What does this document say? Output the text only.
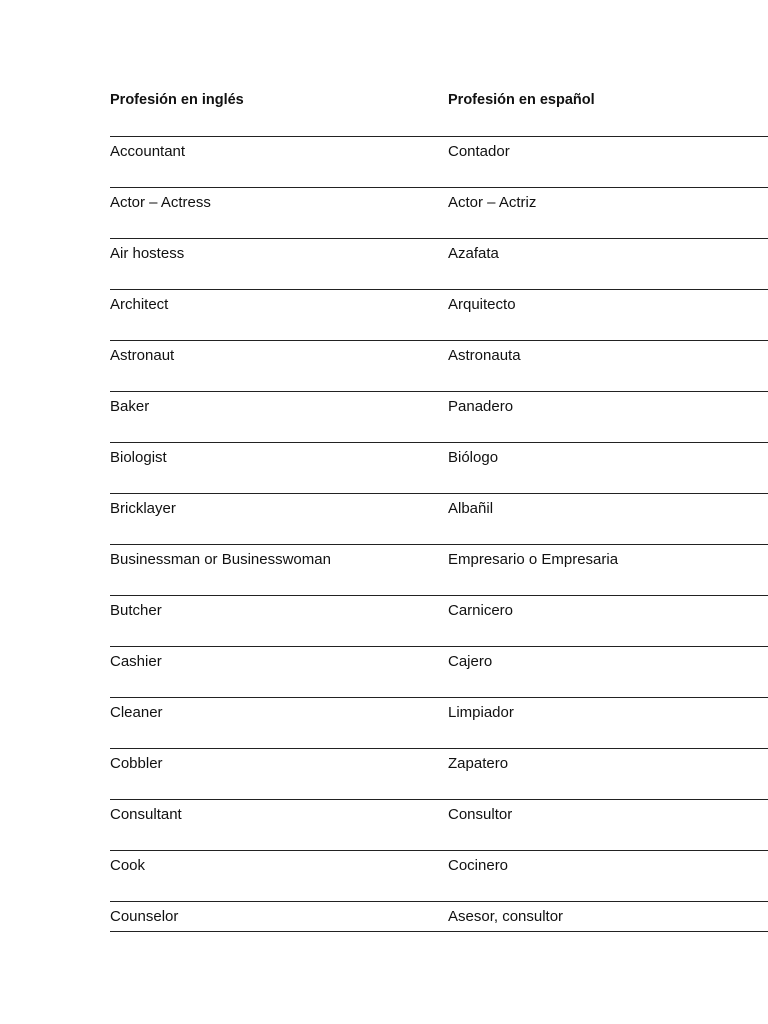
Profesión en inglés	Profesión en español
Accountant	Contador
Actor – Actress	Actor – Actriz
Air hostess	Azafata
Architect	Arquitecto
Astronaut	Astronauta
Baker	Panadero
Biologist	Biólogo
Bricklayer	Albañil
Businessman or Businesswoman	Empresario o Empresaria
Butcher	Carnicero
Cashier	Cajero
Cleaner	Limpiador
Cobbler	Zapatero
Consultant	Consultor
Cook	Cocinero
Counselor	Asesor, consultor
